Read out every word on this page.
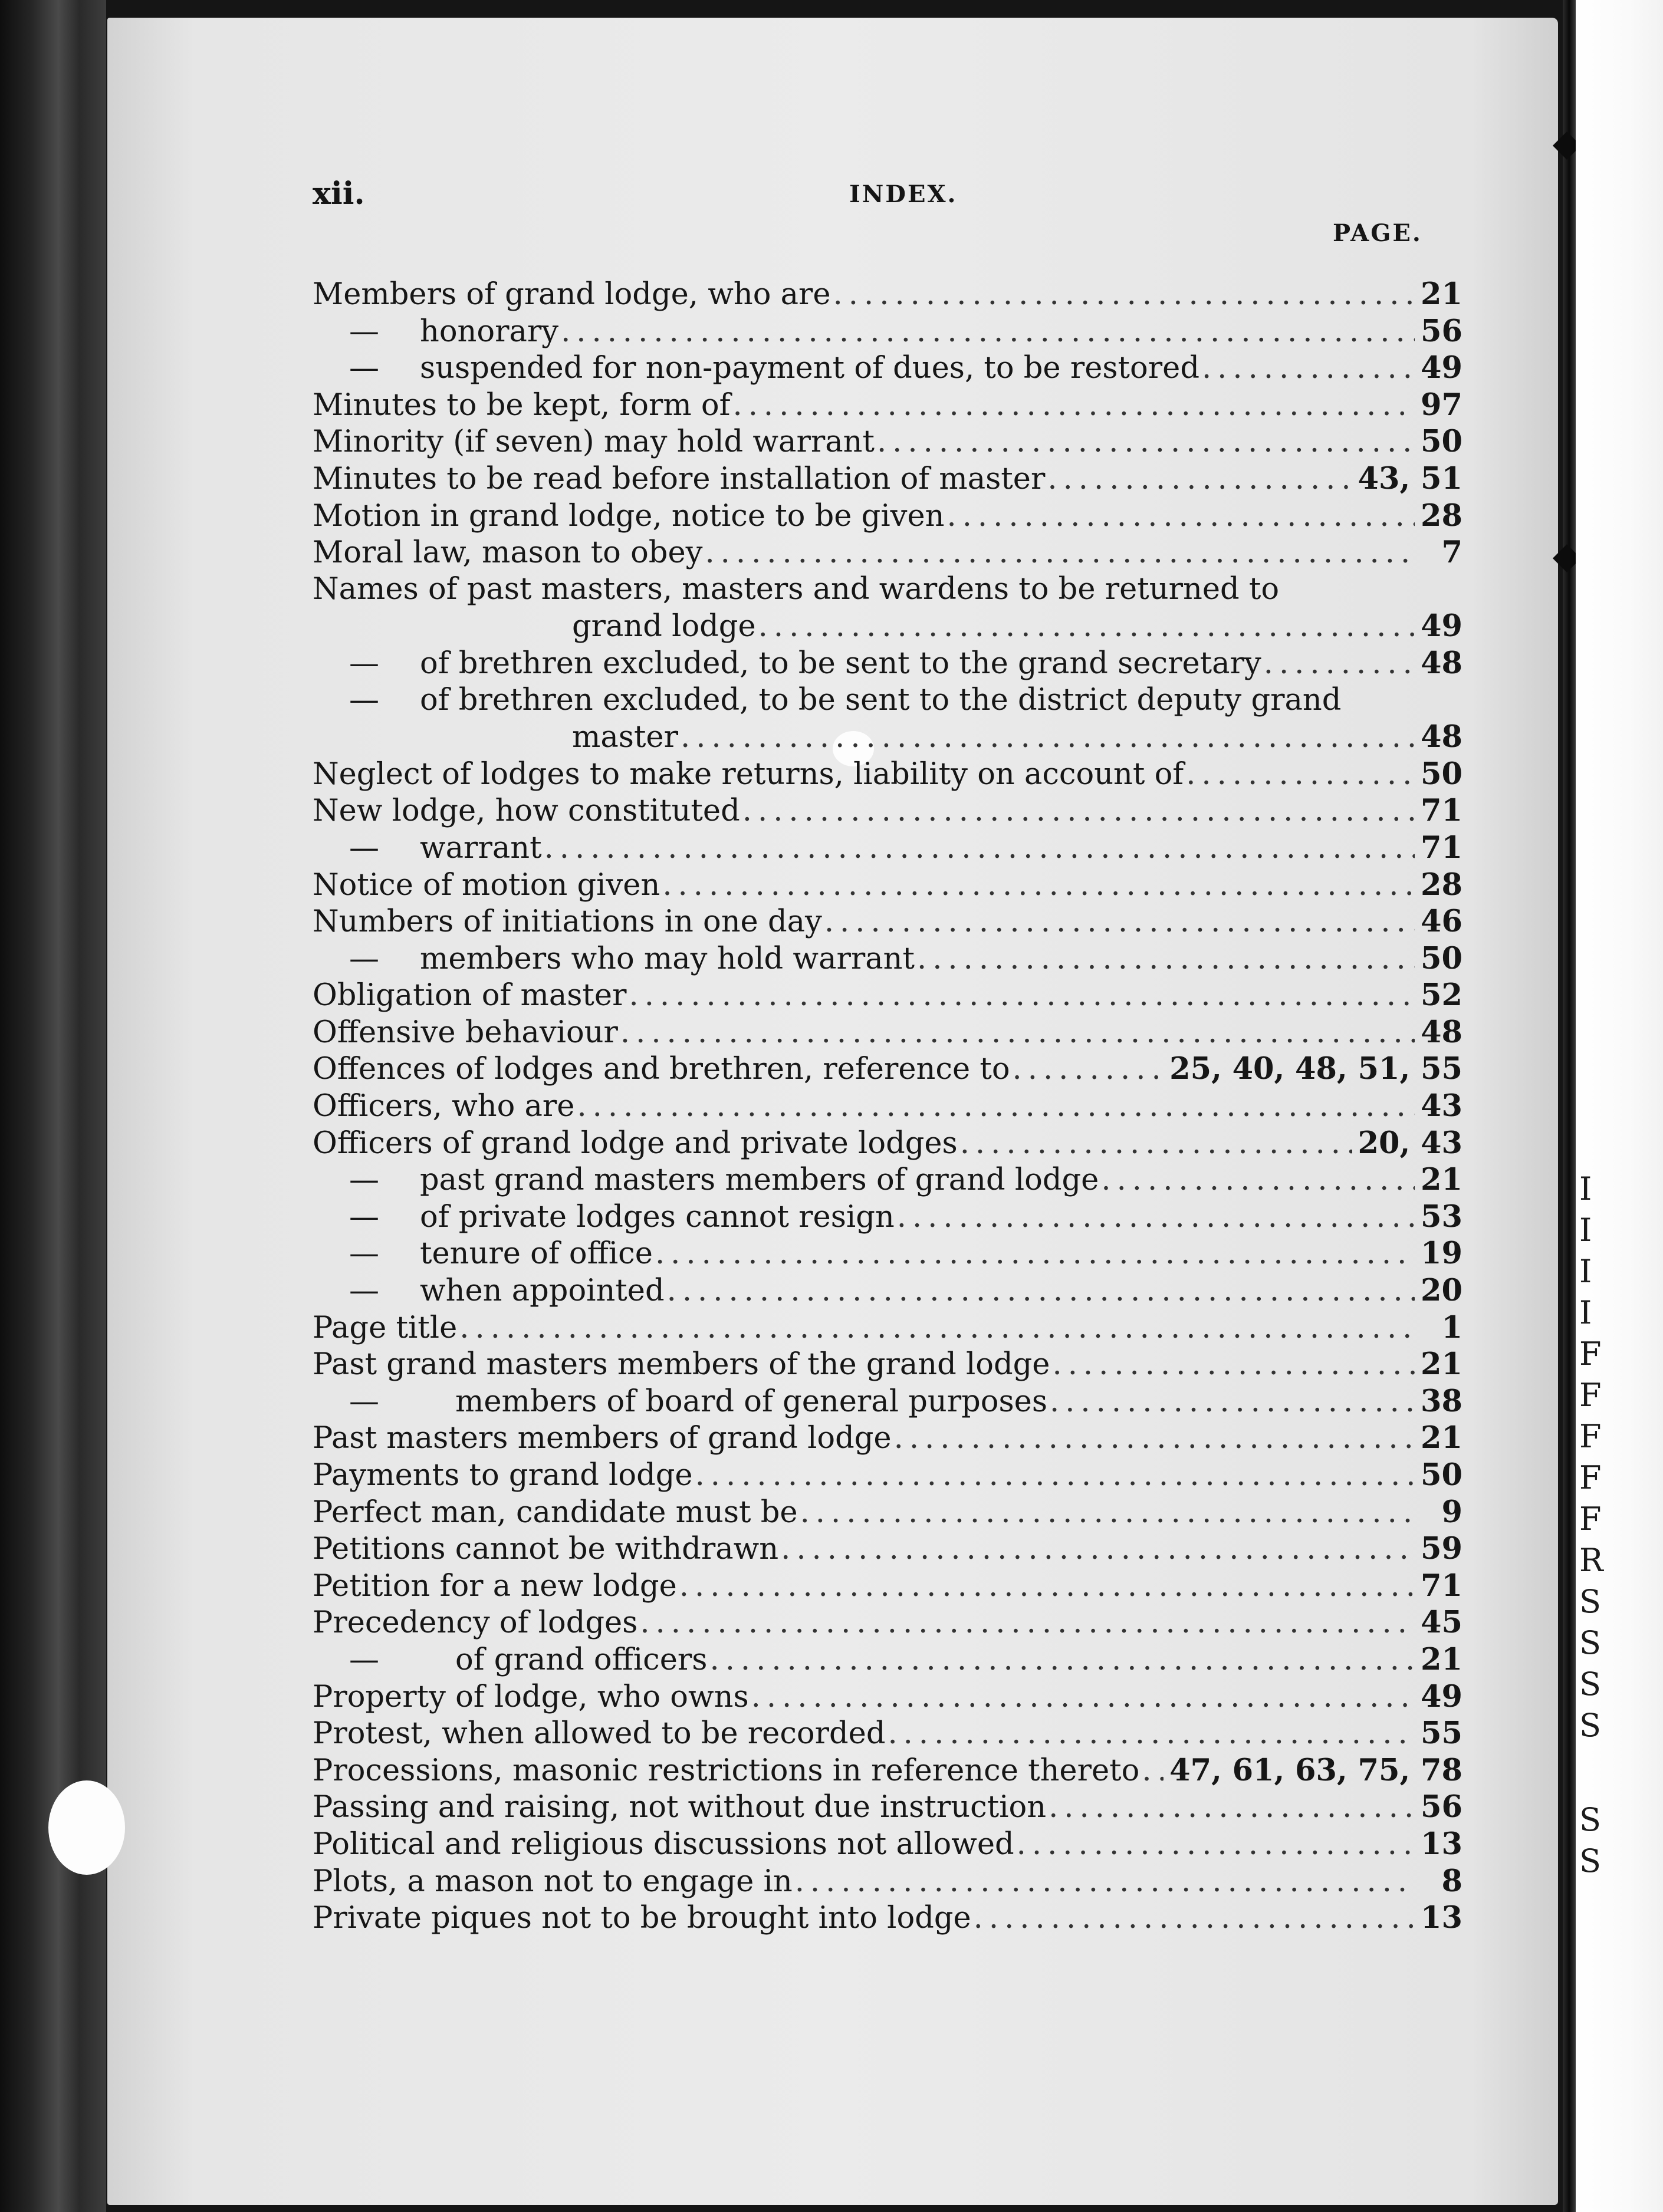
I
I
I
I
F
F
F
F
F
R
S
S
S
S
S
S
xii.	INDEX.
PAGE.
Members of grand lodge, who are .....	21
—	honorary .....	56
—	suspended for non-payment of dues, to be restored .....	49
Minutes to be kept, form of .....	97
Minority (if seven) may hold warrant .....	50
Minutes to be read before installation of master .....	43, 51
Motion in grand lodge, notice to be given .....	28
Moral law, mason to obey .....	7
Names of past masters, masters and wardens to be returned to
grand lodge .....	49
—	of brethren excluded, to be sent to the grand secretary .....	48
—	of brethren excluded, to be sent to the district deputy grand
master .....	48
Neglect of lodges to make returns, liability on account of .....	50
New lodge, how constituted .....	71
—	warrant .....	71
Notice of motion given .....	28
Numbers of initiations in one day .....	46
—	members who may hold warrant .....	50
Obligation of master .....	52
Offensive behaviour .....	48
Offences of lodges and brethren, reference to .....	25, 40, 48, 51, 55
Officers, who are .....	43
Officers of grand lodge and private lodges .....	20, 43
—	past grand masters members of grand lodge .....	21
—	of private lodges cannot resign .....	53
—	tenure of office .....	19
—	when appointed .....	20
Page title .....	1
Past grand masters members of the grand lodge .....	21
—	members of board of general purposes .....	38
Past masters members of grand lodge .....	21
Payments to grand lodge .....	50
Perfect man, candidate must be .....	9
Petitions cannot be withdrawn .....	59
Petition for a new lodge .....	71
Precedency of lodges .....	45
—	of grand officers .....	21
Property of lodge, who owns .....	49
Protest, when allowed to be recorded .....	55
Processions, masonic restrictions in reference thereto ..... 47, 61, 63, 75, 78
Passing and raising, not without due instruction .....	56
Political and religious discussions not allowed .....	13
Plots, a mason not to engage in .....	8
Private piques not to be brought into lodge .....	13
